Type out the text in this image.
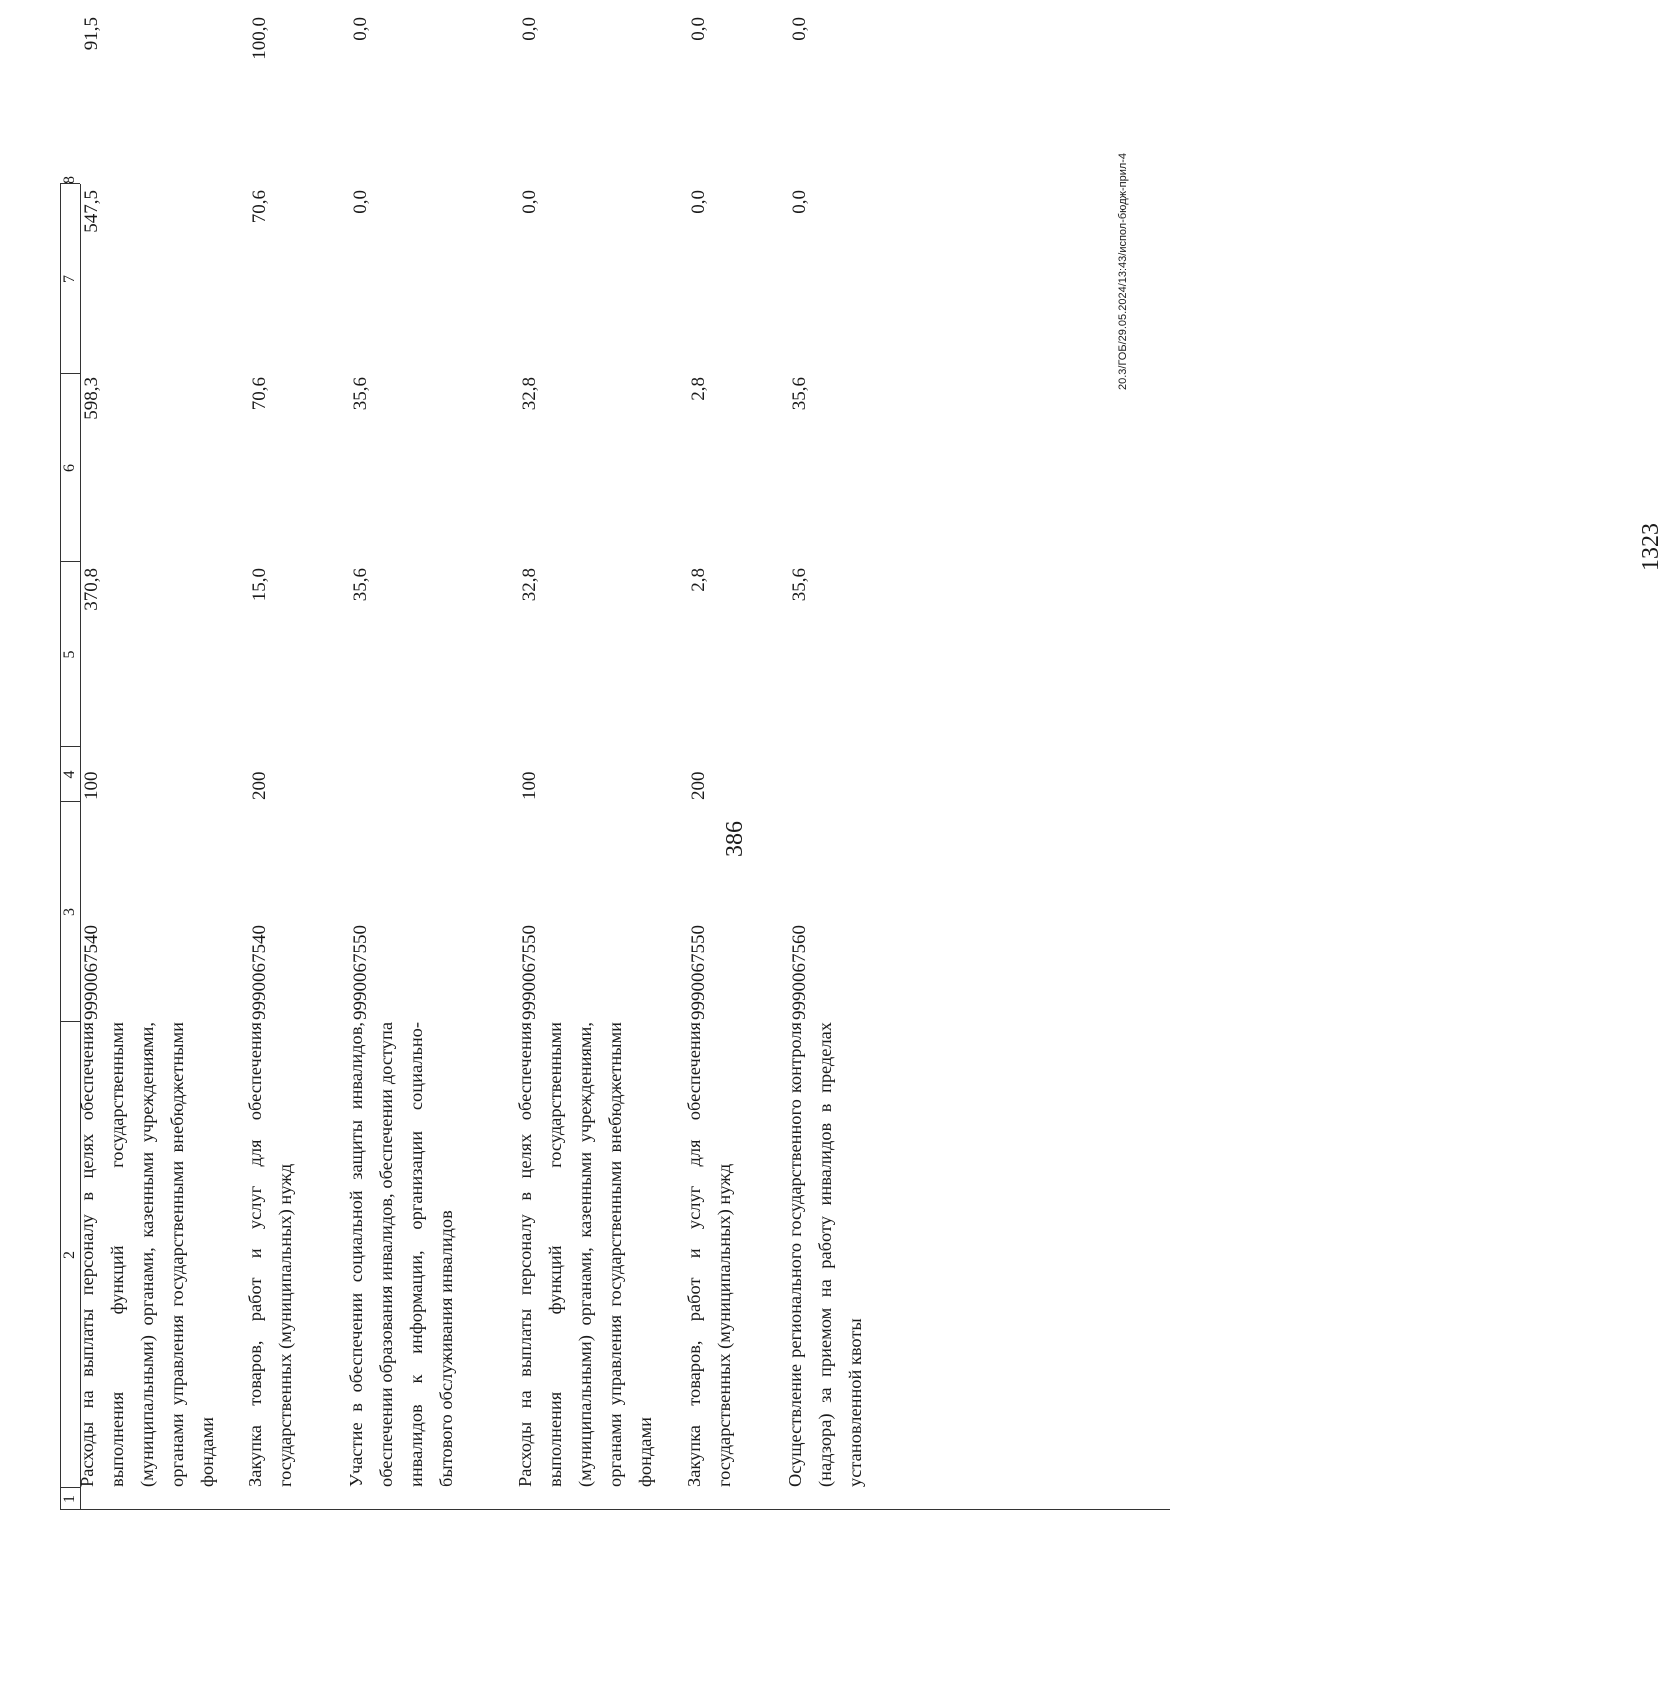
386
1
2
3
4
5
6
7
8
Расходы на выплаты персоналу в целях обеспечения выполнения функций государственными (муниципальными) органами, казенными учреждениями, органами управления государственными внебюджетными фондами
9990067540
100
370,8
598,3
547,5
91,5
Закупка товаров, работ и услуг для обеспечения государственных (муниципальных) нужд
9990067540
200
15,0
70,6
70,6
100,0
Участие в обеспечении социальной защиты инвалидов, обеспечении образования инвалидов, обеспечении доступа инвалидов к информации, организации социально-бытового обслуживания инвалидов
9990067550
35,6
35,6
0,0
0,0
Расходы на выплаты персоналу в целях обеспечения выполнения функций государственными (муниципальными) органами, казенными учреждениями, органами управления государственными внебюджетными фондами
9990067550
100
32,8
32,8
0,0
0,0
Закупка товаров, работ и услуг для обеспечения государственных (муниципальных) нужд
9990067550
200
2,8
2,8
0,0
0,0
Осуществление регионального государственного контроля (надзора) за приемом на работу инвалидов в пределах установленной квоты
9990067560
35,6
35,6
0,0
0,0
20.3/ГОБ/29.05.2024/13:43/испол-бюдж-прил-4
1323
